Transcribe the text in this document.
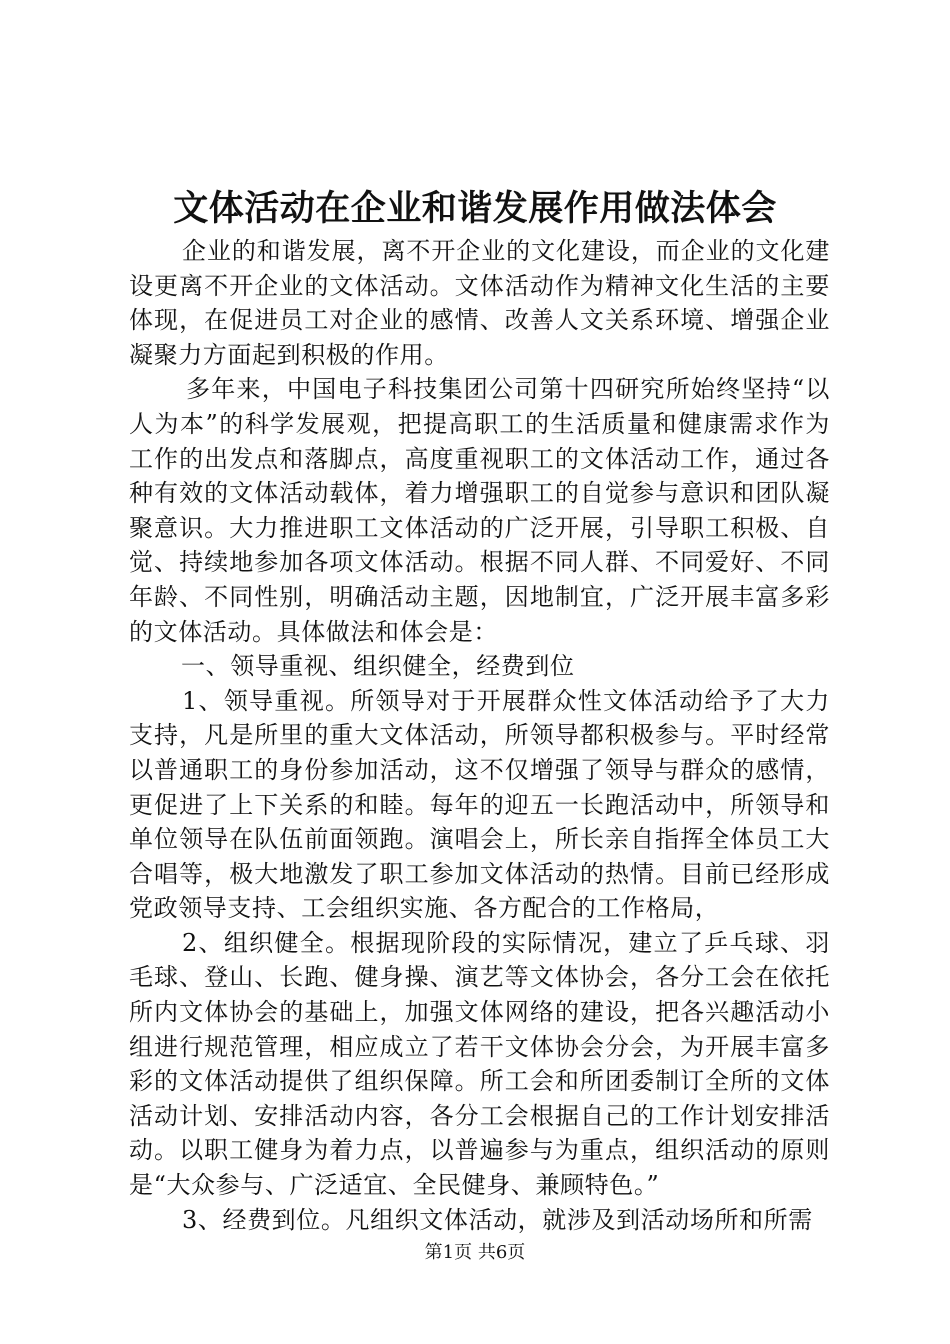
文体活动在企业和谐发展作用做法体会

企业的和谐发展，离不开企业的文化建设，而企业的文化建设更离不开企业的文体活动。文体活动作为精神文化生活的主要体现，在促进员工对企业的感情、改善人文关系环境、增强企业凝聚力方面起到积极的作用。

多年来，中国电子科技集团公司第十四研究所始终坚持“以人为本”的科学发展观，把提高职工的生活质量和健康需求作为工作的出发点和落脚点，高度重视职工的文体活动工作，通过各种有效的文体活动载体，着力增强职工的自觉参与意识和团队凝聚意识。大力推进职工文体活动的广泛开展，引导职工积极、自觉、持续地参加各项文体活动。根据不同人群、不同爱好、不同年龄、不同性别，明确活动主题，因地制宜，广泛开展丰富多彩的文体活动。具体做法和体会是：

一、领导重视、组织健全，经费到位

1、领导重视。所领导对于开展群众性文体活动给予了大力支持，凡是所里的重大文体活动，所领导都积极参与。平时经常以普通职工的身份参加活动，这不仅增强了领导与群众的感情，更促进了上下关系的和睦。每年的迎五一长跑活动中，所领导和单位领导在队伍前面领跑。演唱会上，所长亲自指挥全体员工大合唱等，极大地激发了职工参加文体活动的热情。目前已经形成党政领导支持、工会组织实施、各方配合的工作格局，

2、组织健全。根据现阶段的实际情况，建立了乒乓球、羽毛球、登山、长跑、健身操、演艺等文体协会，各分工会在依托所内文体协会的基础上，加强文体网络的建设，把各兴趣活动小组进行规范管理，相应成立了若干文体协会分会，为开展丰富多彩的文体活动提供了组织保障。所工会和所团委制订全所的文体活动计划、安排活动内容，各分工会根据自己的工作计划安排活动。以职工健身为着力点，以普遍参与为重点，组织活动的原则是“大众参与、广泛适宜、全民健身、兼顾特色。”

3、经费到位。凡组织文体活动，就涉及到活动场所和所需

第1页 共6页
